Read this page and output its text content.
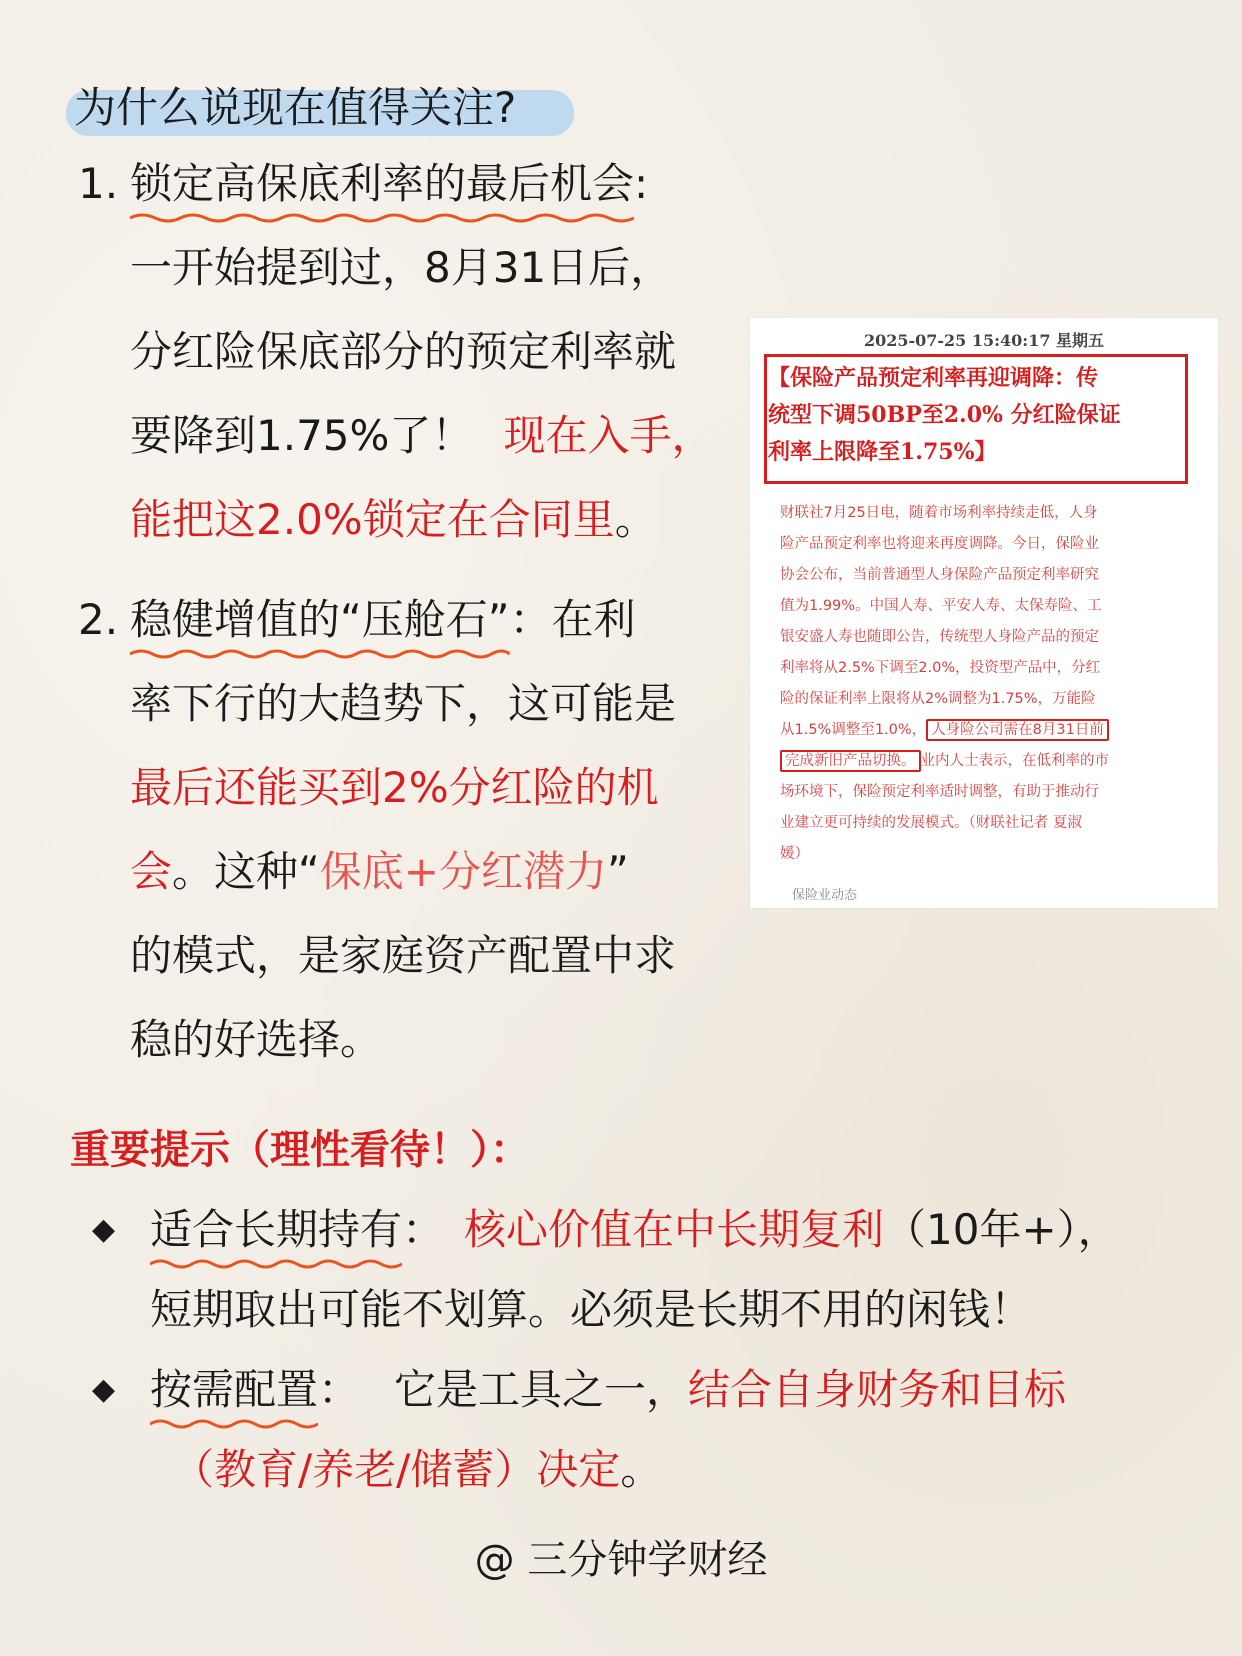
为什么说现在值得关注?
1. 锁定高保底利率的最后机会
:
一开始提到过，8月31日后，
分红险保底部分的预定利率就
要降到1.75%了！ 现在入手，
能把这2.0%锁定在合同里。
2. 稳健增值的“压舱石”
：在利
率下行的大趋势下，这可能是
最后还能买到2%分红险的机
会。这种“保底+分红潜力”
的模式，是家庭资产配置中求
稳的好选择。
2025-07-25 15:40:17 星期五
【保险产品预定利率再迎调降：传
统型下调50BP至2.0% 分红险保证
利率上限降至1.75%】
财联社7月25日电，随着市场利率持续走低，人身
险产品预定利率也将迎来再度调降。今日，保险业
协会公布，当前普通型人身保险产品预定利率研究
值为1.99%。中国人寿、平安人寿、太保寿险、工
银安盛人寿也随即公告，传统型人身险产品的预定
利率将从2.5%下调至2.0%，投资型产品中，分红
险的保证利率上限将从2%调整为1.75%，万能险
从1.5%调整至1.0%， 人身险公司需在8月31日前
完成新旧产品切换。 业内人士表示，在低利率的市
场环境下，保险预定利率适时调整，有助于推动行
业建立更可持续的发展模式。（财联社记者 夏淑
媛）
保险业动态
重要提示（理性看待！）：
◆ 适合长期持有
： 核心价值在中长期复利（10年+），
短期取出可能不划算。必须是长期不用的闲钱！
◆ 按需配置
： 它是工具之一，结合自身财务和目标
（教育/养老/储蓄）决定。
@ 三分钟学财经
